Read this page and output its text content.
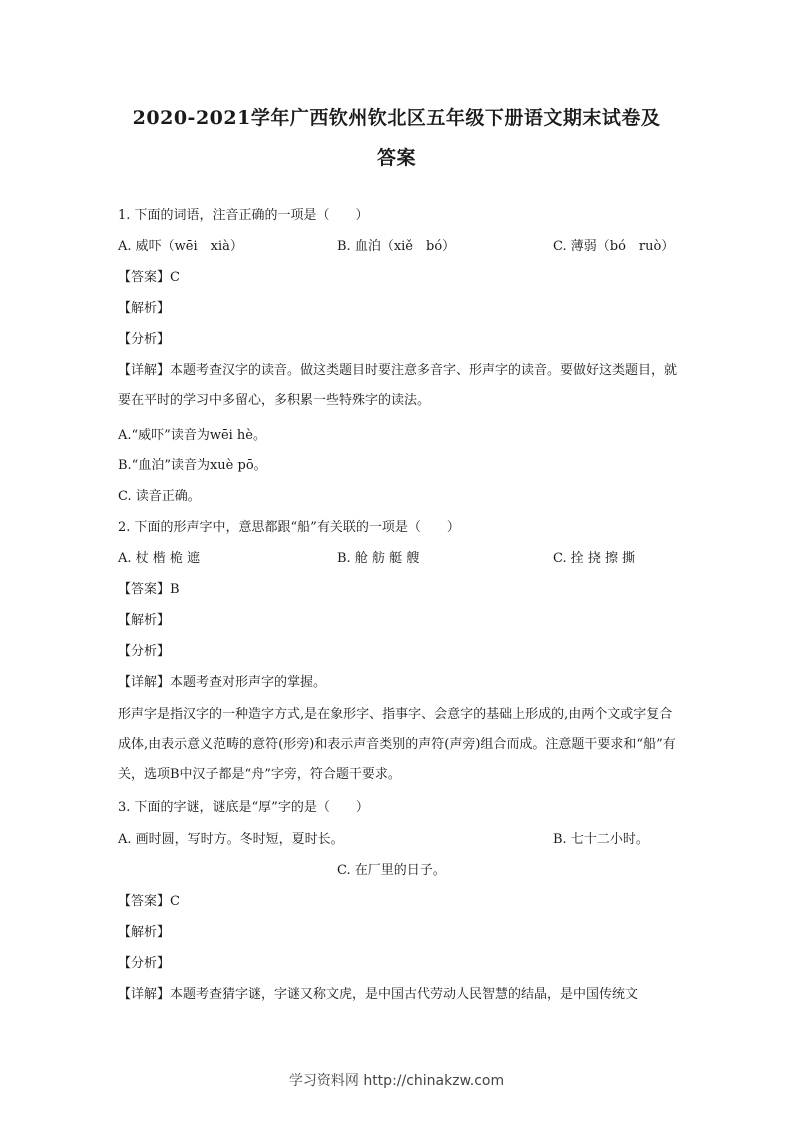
2020-2021学年广西钦州钦北区五年级下册语文期末试卷及
答案
1. 下面的词语，注音正确的一项是（　　）
A. 威吓（wēi　xià）	B. 血泊（xiě　bó）	C. 薄弱（bó　ruò）
【答案】C
【解析】
【分析】
【详解】本题考查汉字的读音。做这类题目时要注意多音字、形声字的读音。要做好这类题目，就要在平时的学习中多留心，多积累一些特殊字的读法。
A.“威吓”读音为wēi hè。
B.“血泊”读音为xuè pō。
C. 读音正确。
2. 下面的形声字中，意思都跟“船”有关联的一项是（　　）
A. 杖 楷 桅 遮	B. 舱 舫 艇 艘	C. 拴 挠 擦 撕
【答案】B
【解析】
【分析】
【详解】本题考查对形声字的掌握。
形声字是指汉字的一种造字方式,是在象形字、指事字、会意字的基础上形成的,由两个文或字复合成体,由表示意义范畴的意符(形旁)和表示声音类别的声符(声旁)组合而成。注意题干要求和“船”有关，选项B中汉子都是“舟”字旁，符合题干要求。
3. 下面的字谜，谜底是“厚”字的是（　　）
A. 画时圆，写时方。冬时短，夏时长。	B. 七十二小时。
C. 在厂里的日子。
【答案】C
【解析】
【分析】
【详解】本题考查猜字谜，字谜又称文虎，是中国古代劳动人民智慧的结晶，是中国传统文
学习资料网 http://chinakzw.com
